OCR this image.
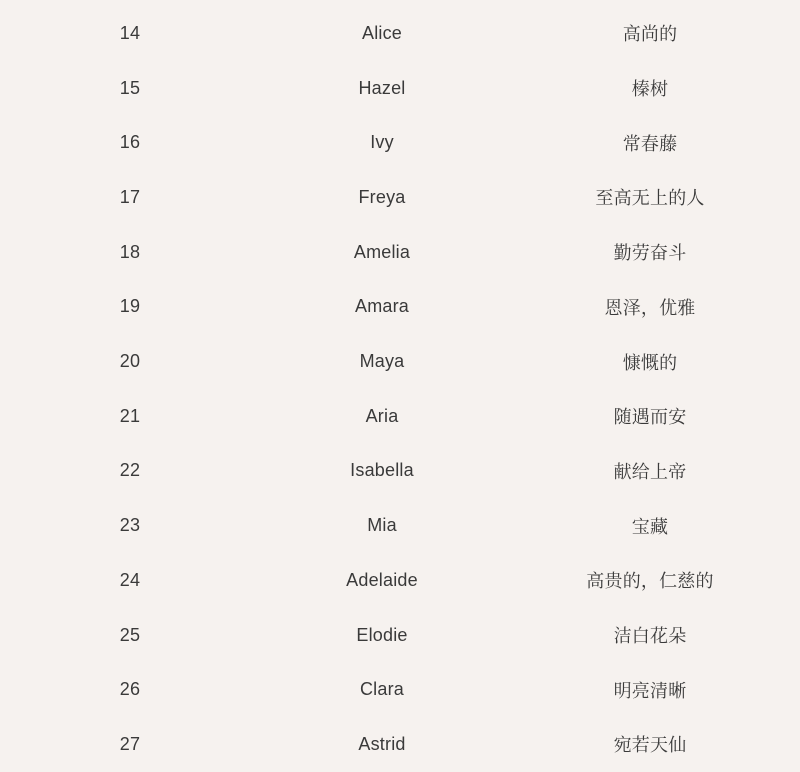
14	Alice	高尚的
15	Hazel	榛树
16	Ivy	常春藤
17	Freya	至高无上的人
18	Amelia	勤劳奋斗
19	Amara	恩泽，优雅
20	Maya	慷慨的
21	Aria	随遇而安
22	Isabella	献给上帝
23	Mia	宝藏
24	Adelaide	高贵的，仁慈的
25	Elodie	洁白花朵
26	Clara	明亮清晰
27	Astrid	宛若天仙
